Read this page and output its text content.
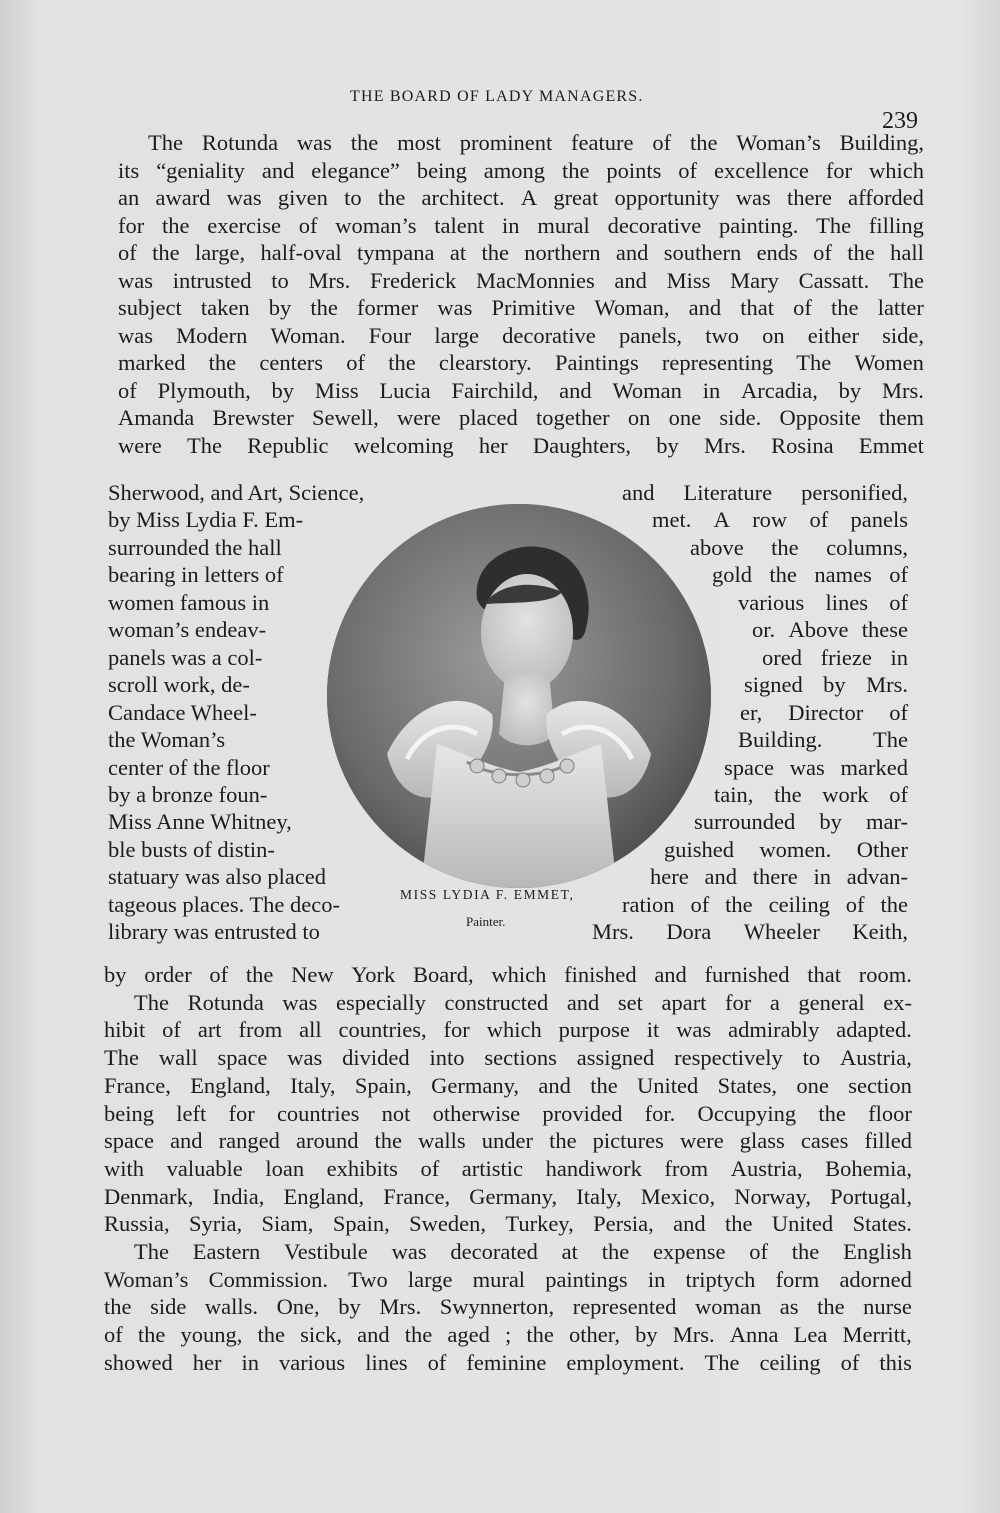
THE BOARD OF LADY MANAGERS.
239
The Rotunda was the most prominent feature of the Woman’s Building,
its “geniality and elegance” being among the points of excellence for which
an award was given to the architect. A great opportunity was there afforded
for the exercise of woman’s talent in mural decorative painting. The filling
of the large, half-oval tympana at the northern and southern ends of the hall
was intrusted to Mrs. Frederick MacMonnies and Miss Mary Cassatt. The
subject taken by the former was Primitive Woman, and that of the latter
was Modern Woman. Four large decorative panels, two on either side,
marked the centers of the clearstory. Paintings representing The Women
of Plymouth, by Miss Lucia Fairchild, and Woman in Arcadia, by Mrs.
Amanda Brewster Sewell, were placed together on one side. Opposite them
were The Republic welcoming her Daughters, by Mrs. Rosina Emmet
Sherwood, and Art, Science,
by Miss Lydia F. Em-
surrounded the hall
bearing in letters of
women famous in
woman’s endeav-
panels was a col-
scroll work, de-
Candace Wheel-
the Woman’s
center of the floor
by a bronze foun-
Miss Anne Whitney,
ble busts of distin-
statuary was also placed
tageous places. The deco-
library was entrusted to
and Literature personified,
met. A row of panels
above the columns,
gold the names of
various lines of
or. Above these
ored frieze in
signed by Mrs.
er, Director of
Building. The
space was marked
tain, the work of
surrounded by mar-
guished women. Other
here and there in advan-
ration of the ceiling of the
Mrs. Dora Wheeler Keith,
by order of the New York Board, which finished and furnished that room.
The Rotunda was especially constructed and set apart for a general ex-
hibit of art from all countries, for which purpose it was admirably adapted.
The wall space was divided into sections assigned respectively to Austria,
France, England, Italy, Spain, Germany, and the United States, one section
being left for countries not otherwise provided for. Occupying the floor
space and ranged around the walls under the pictures were glass cases filled
with valuable loan exhibits of artistic handiwork from Austria, Bohemia,
Denmark, India, England, France, Germany, Italy, Mexico, Norway, Portugal,
Russia, Syria, Siam, Spain, Sweden, Turkey, Persia, and the United States.
The Eastern Vestibule was decorated at the expense of the English
Woman’s Commission. Two large mural paintings in triptych form adorned
the side walls. One, by Mrs. Swynnerton, represented woman as the nurse
of the young, the sick, and the aged ; the other, by Mrs. Anna Lea Merritt,
showed her in various lines of feminine employment. The ceiling of this
MISS LYDIA F. EMMET,
Painter.
